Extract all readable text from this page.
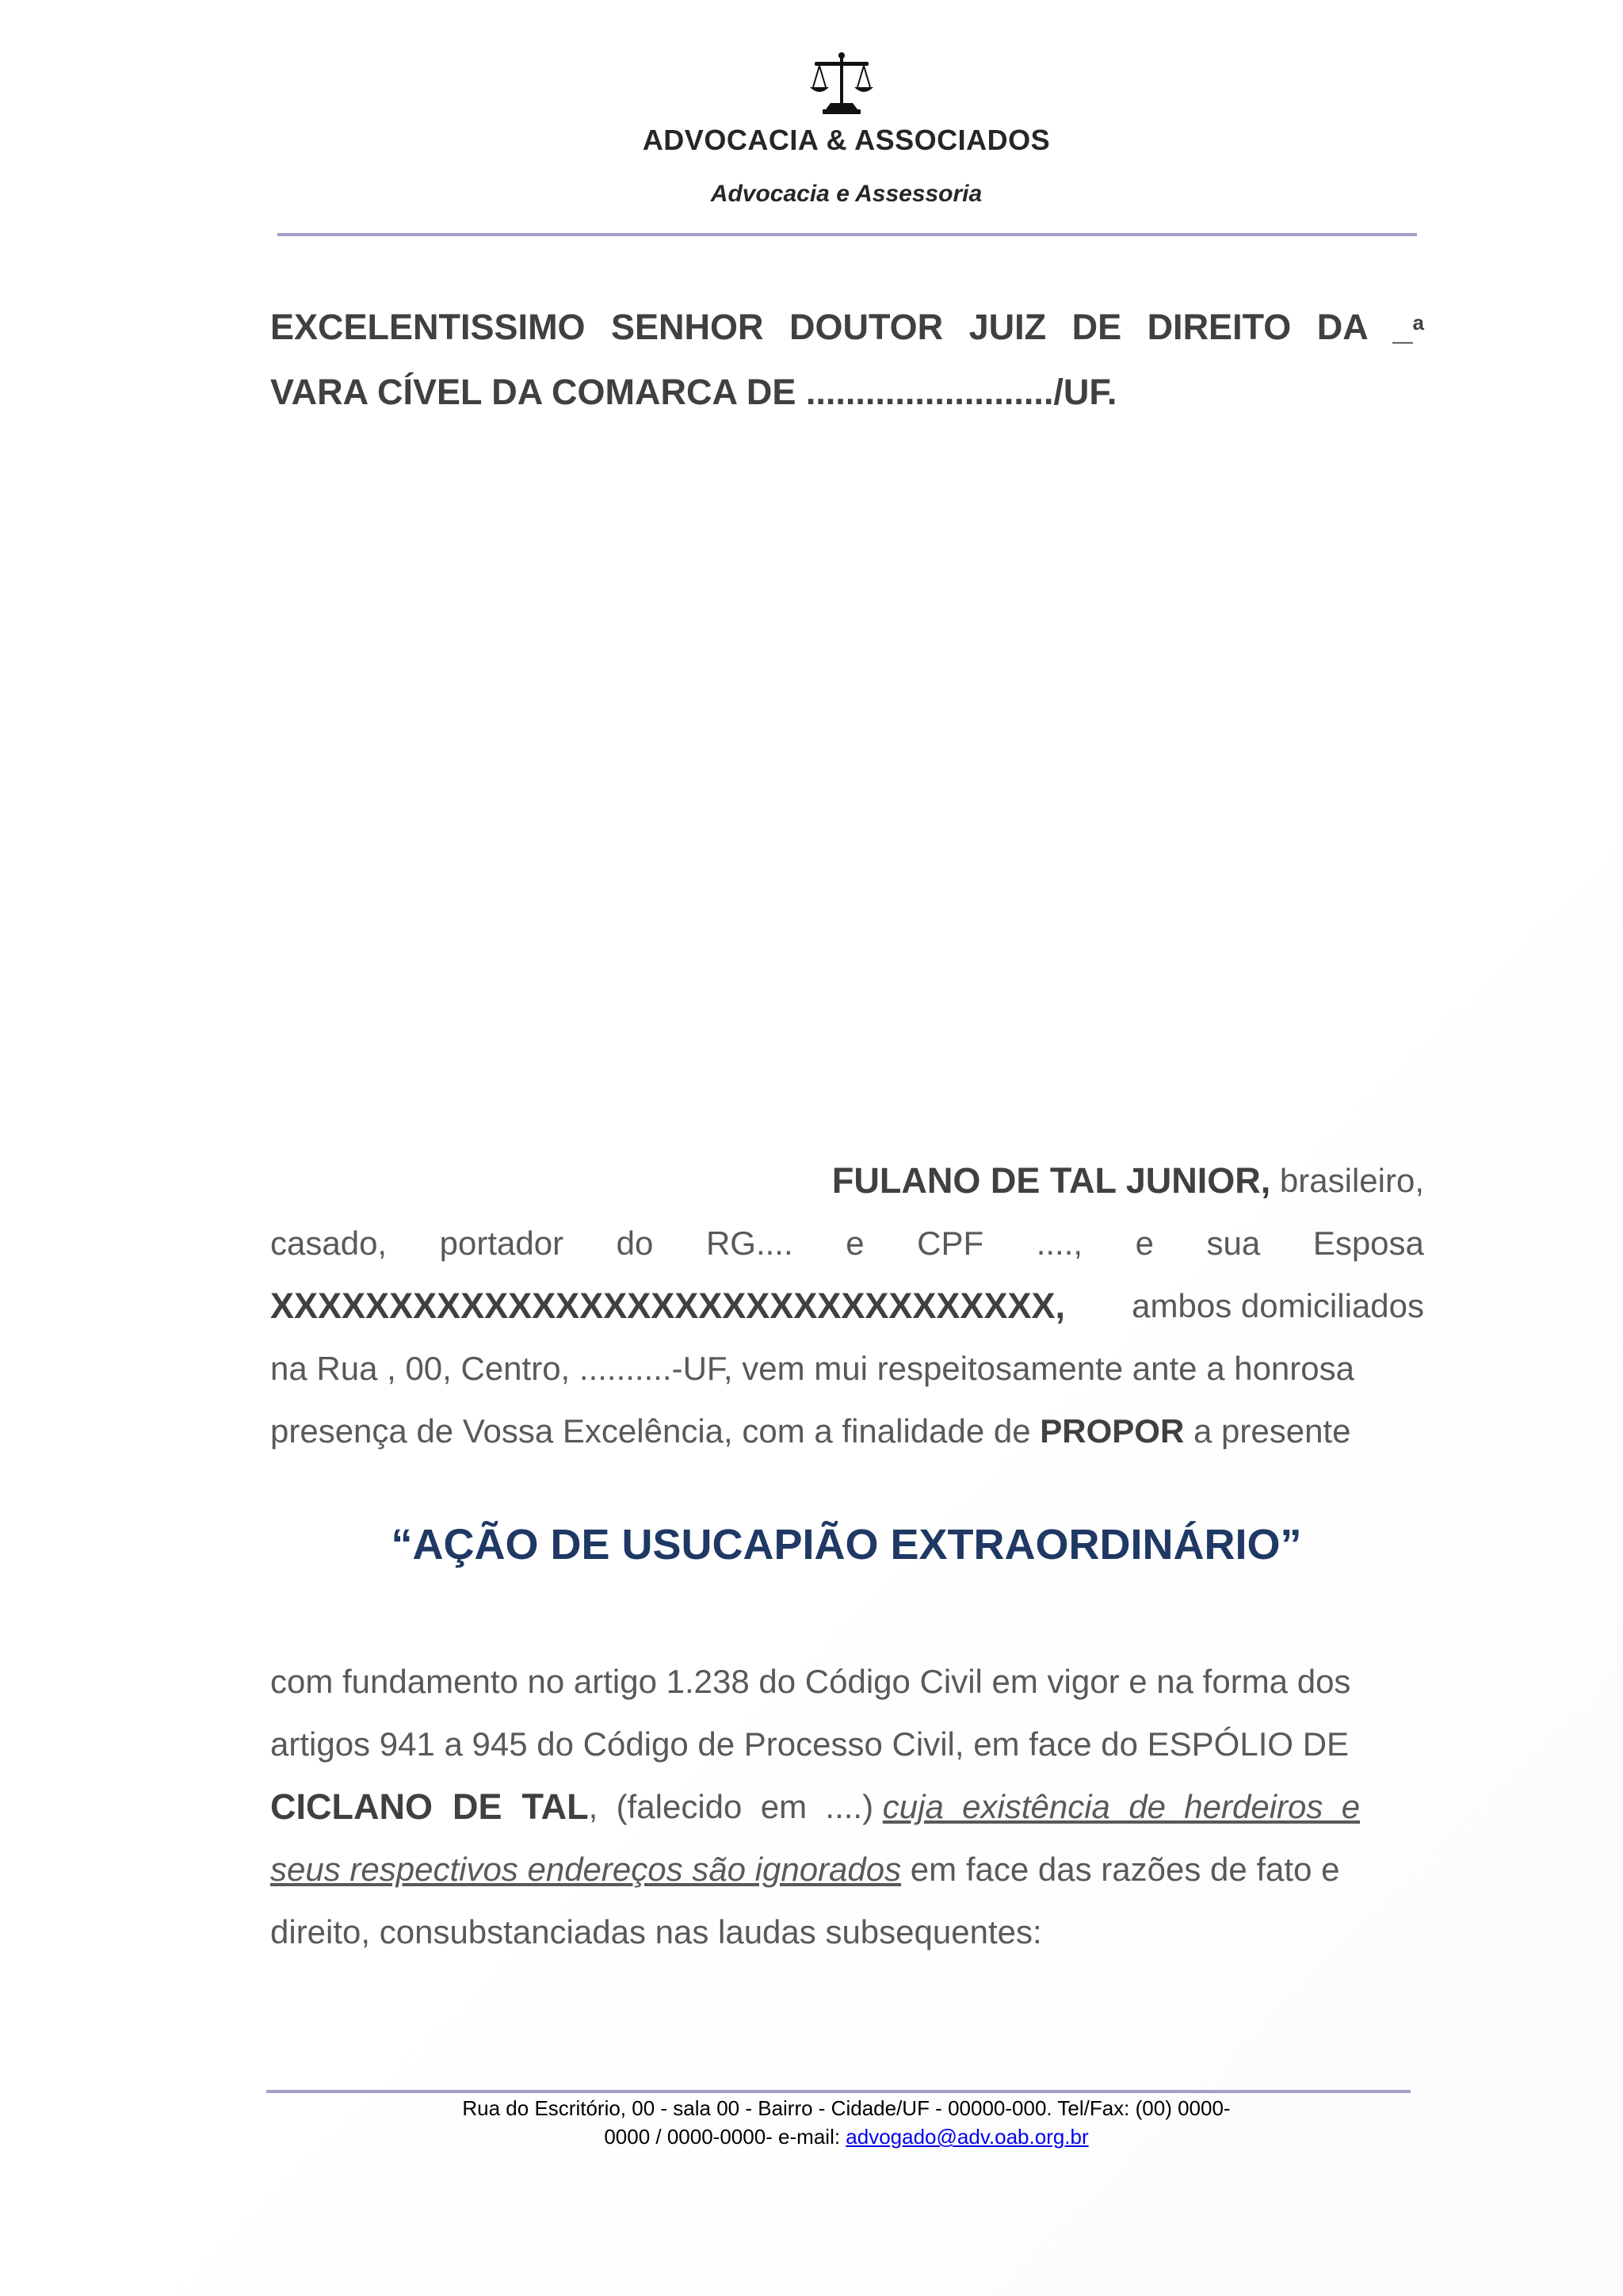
ADVOCACIA & ASSOCIADOS
Advocacia e Assessoria
EXCELENTISSIMO SENHOR DOUTOR JUIZ DE DIREITO DA _$^a$
VARA CÍVEL DA COMARCA DE ........................./UF.
FULANO DE TAL JUNIOR, brasileiro,
casado, portador do RG.... e CPF ...., e sua Esposa
XXXXXXXXXXXXXXXXXXXXXXXXXXXXXXXXX, ambos domiciliados
na Rua , 00, Centro, ..........-UF, vem mui respeitosamente ante a honrosa
presença de Vossa Excelência, com a finalidade de PROPOR a presente
“AÇÃO DE USUCAPIÃO EXTRAORDINÁRIO”
com fundamento no artigo 1.238 do Código Civil em vigor e na forma dos
artigos 941 a 945 do Código de Processo Civil, em face do ESPÓLIO DE
CICLANO  DE  TAL ,  (falecido  em  ....) cuja  existência  de  herdeiros  e
seus respectivos endereços são ignorados em face das razões de fato e
direito, consubstanciadas nas laudas subsequentes:
Rua do Escritório, 00 - sala 00 - Bairro - Cidade/UF - 00000-000. Tel/Fax: (00) 0000-
0000 / 0000-0000- e-mail: advogado@adv.oab.org.br
